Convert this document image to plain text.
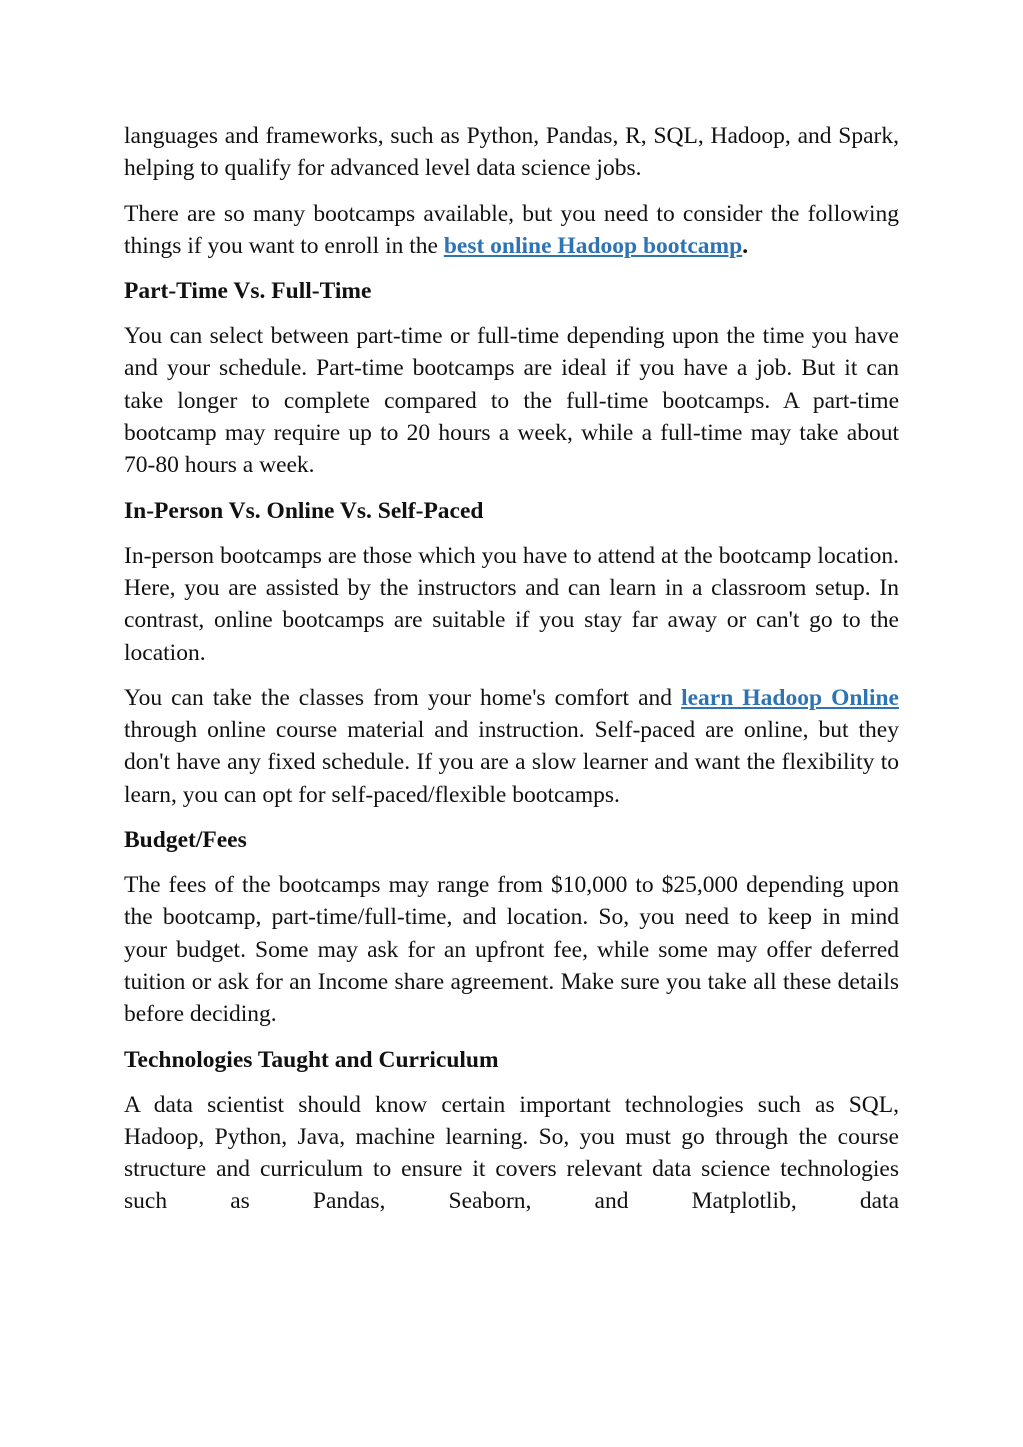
languages and frameworks, such as Python, Pandas, R, SQL, Hadoop, and Spark, helping to qualify for advanced level data science jobs.

There are so many bootcamps available, but you need to consider the following things if you want to enroll in the best online Hadoop bootcamp.

Part-Time Vs. Full-Time

You can select between part-time or full-time depending upon the time you have and your schedule. Part-time bootcamps are ideal if you have a job. But it can take longer to complete compared to the full-time bootcamps. A part-time bootcamp may require up to 20 hours a week, while a full-time may take about 70-80 hours a week.

In-Person Vs. Online Vs. Self-Paced

In-person bootcamps are those which you have to attend at the bootcamp location. Here, you are assisted by the instructors and can learn in a classroom setup. In contrast, online bootcamps are suitable if you stay far away or can't go to the location.

You can take the classes from your home's comfort and learn Hadoop Online through online course material and instruction. Self-paced are online, but they don't have any fixed schedule. If you are a slow learner and want the flexibility to learn, you can opt for self-paced/flexible bootcamps.

Budget/Fees

The fees of the bootcamps may range from $10,000 to $25,000 depending upon the bootcamp, part-time/full-time, and location. So, you need to keep in mind your budget. Some may ask for an upfront fee, while some may offer deferred tuition or ask for an Income share agreement. Make sure you take all these details before deciding.

Technologies Taught and Curriculum

A data scientist should know certain important technologies such as SQL, Hadoop, Python, Java, machine learning. So, you must go through the course structure and curriculum to ensure it covers relevant data science technologies such as Pandas, Seaborn, and Matplotlib, data
